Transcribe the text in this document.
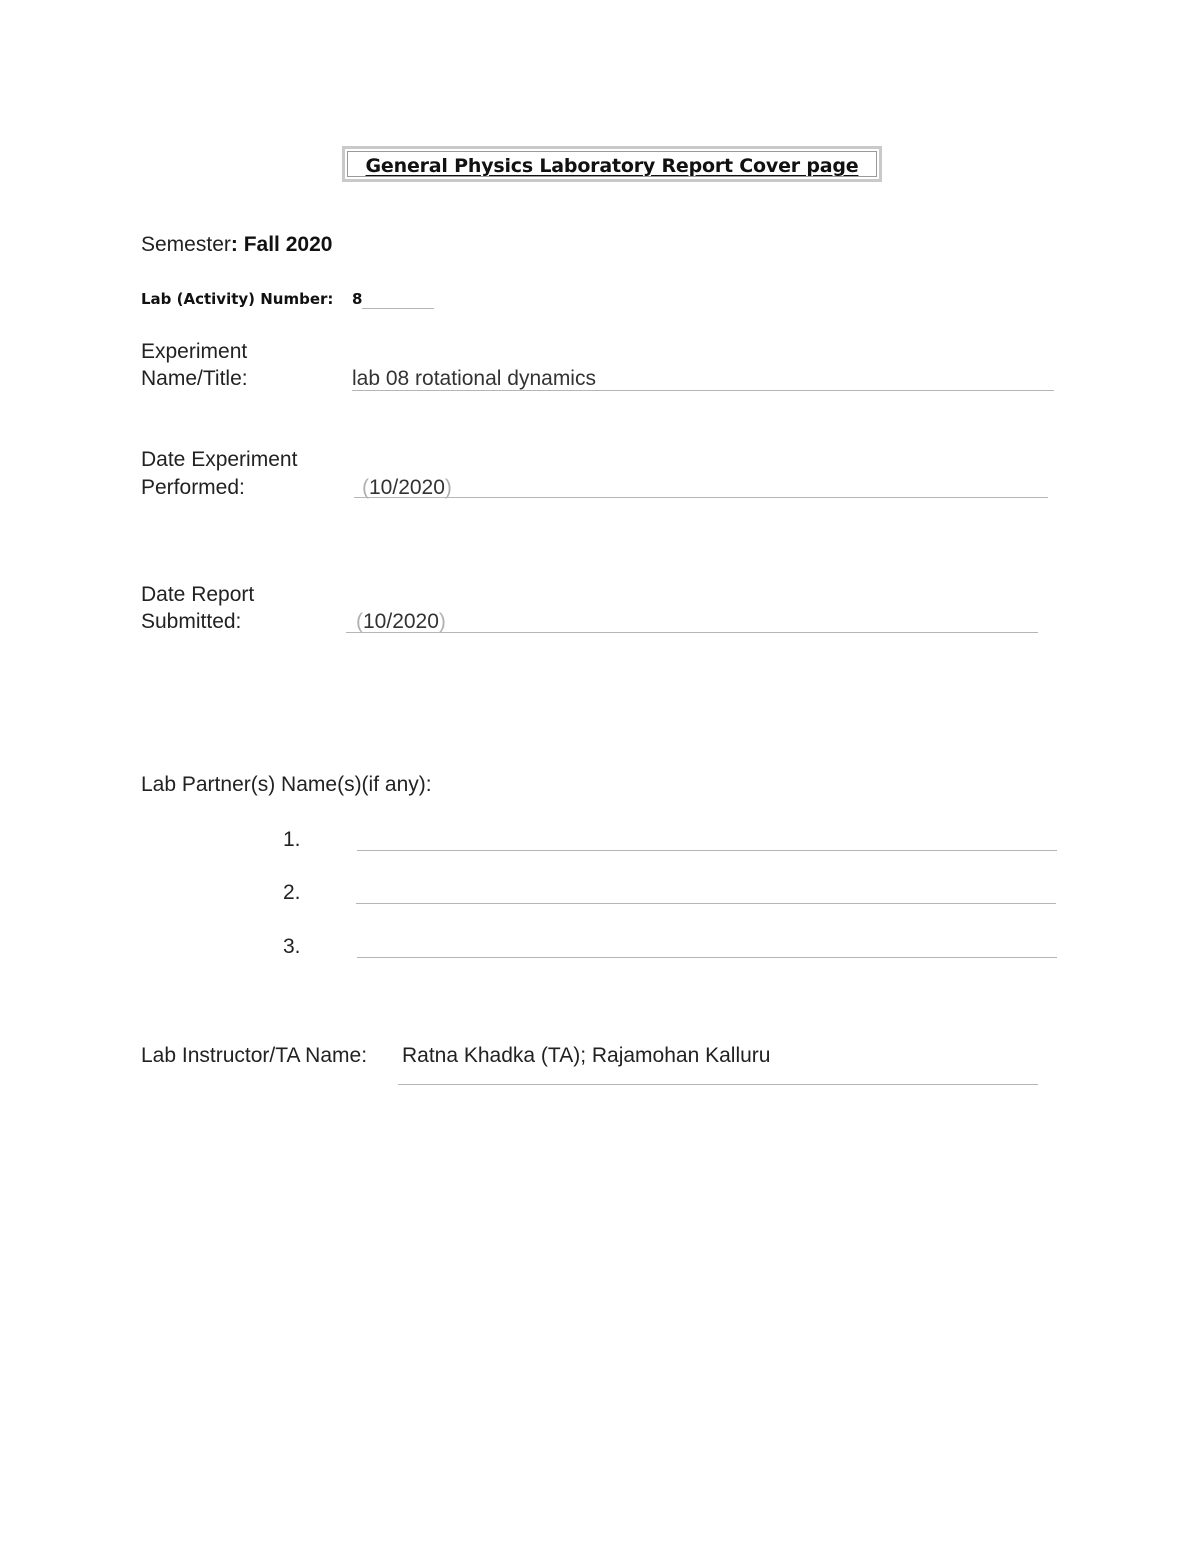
General Physics Laboratory Report Cover page
Semester: Fall 2020
Lab (Activity) Number: 8
Experiment
Name/Title:	lab 08 rotational dynamics
Date Experiment
Performed:	(10/2020)
Date Report
Submitted:	(10/2020)
Lab Partner(s) Name(s)(if any):
1.
2.
3.
Lab Instructor/TA Name: Ratna Khadka (TA); Rajamohan Kalluru
